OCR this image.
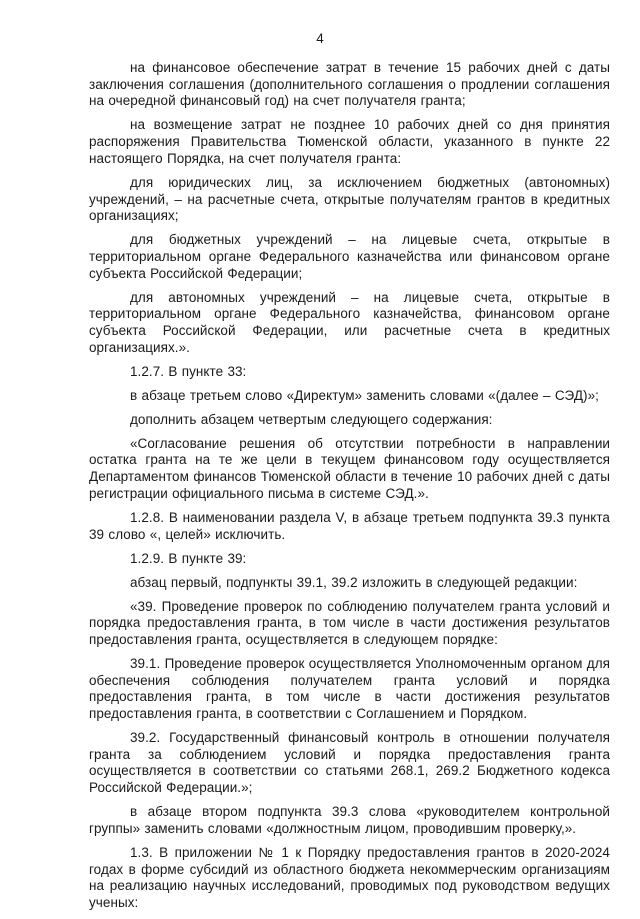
4

на финансовое обеспечение затрат в течение 15 рабочих дней с даты заключения соглашения (дополнительного соглашения о продлении соглашения на очередной финансовый год) на счет получателя гранта;

на возмещение затрат не позднее 10 рабочих дней со дня принятия распоряжения Правительства Тюменской области, указанного в пункте 22 настоящего Порядка, на счет получателя гранта:

для юридических лиц, за исключением бюджетных (автономных) учреждений, – на расчетные счета, открытые получателям грантов в кредитных организациях;

для бюджетных учреждений – на лицевые счета, открытые в территориальном органе Федерального казначейства или финансовом органе субъекта Российской Федерации;

для автономных учреждений – на лицевые счета, открытые в территориальном органе Федерального казначейства, финансовом органе субъекта Российской Федерации, или расчетные счета в кредитных организациях.».

1.2.7. В пункте 33:

в абзаце третьем слово «Директум» заменить словами «(далее – СЭД)»;

дополнить абзацем четвертым следующего содержания:

«Согласование решения об отсутствии потребности в направлении остатка гранта на те же цели в текущем финансовом году осуществляется Департаментом финансов Тюменской области в течение 10 рабочих дней с даты регистрации официального письма в системе СЭД.».

1.2.8. В наименовании раздела V, в абзаце третьем подпункта 39.3 пункта 39 слово «, целей» исключить.

1.2.9. В пункте 39:

абзац первый, подпункты 39.1, 39.2 изложить в следующей редакции:

«39. Проведение проверок по соблюдению получателем гранта условий и порядка предоставления гранта, в том числе в части достижения результатов предоставления гранта, осуществляется в следующем порядке:

39.1. Проведение проверок осуществляется Уполномоченным органом для обеспечения соблюдения получателем гранта условий и порядка предоставления гранта, в том числе в части достижения результатов предоставления гранта, в соответствии с Соглашением и Порядком.

39.2. Государственный финансовый контроль в отношении получателя гранта за соблюдением условий и порядка предоставления гранта осуществляется в соответствии со статьями 268.1, 269.2 Бюджетного кодекса Российской Федерации.»;

в абзаце втором подпункта 39.3 слова «руководителем контрольной группы» заменить словами «должностным лицом, проводившим проверку,».

1.3. В приложении № 1 к Порядку предоставления грантов в 2020-2024 годах в форме субсидий из областного бюджета некоммерческим организациям на реализацию научных исследований, проводимых под руководством ведущих ученых:
